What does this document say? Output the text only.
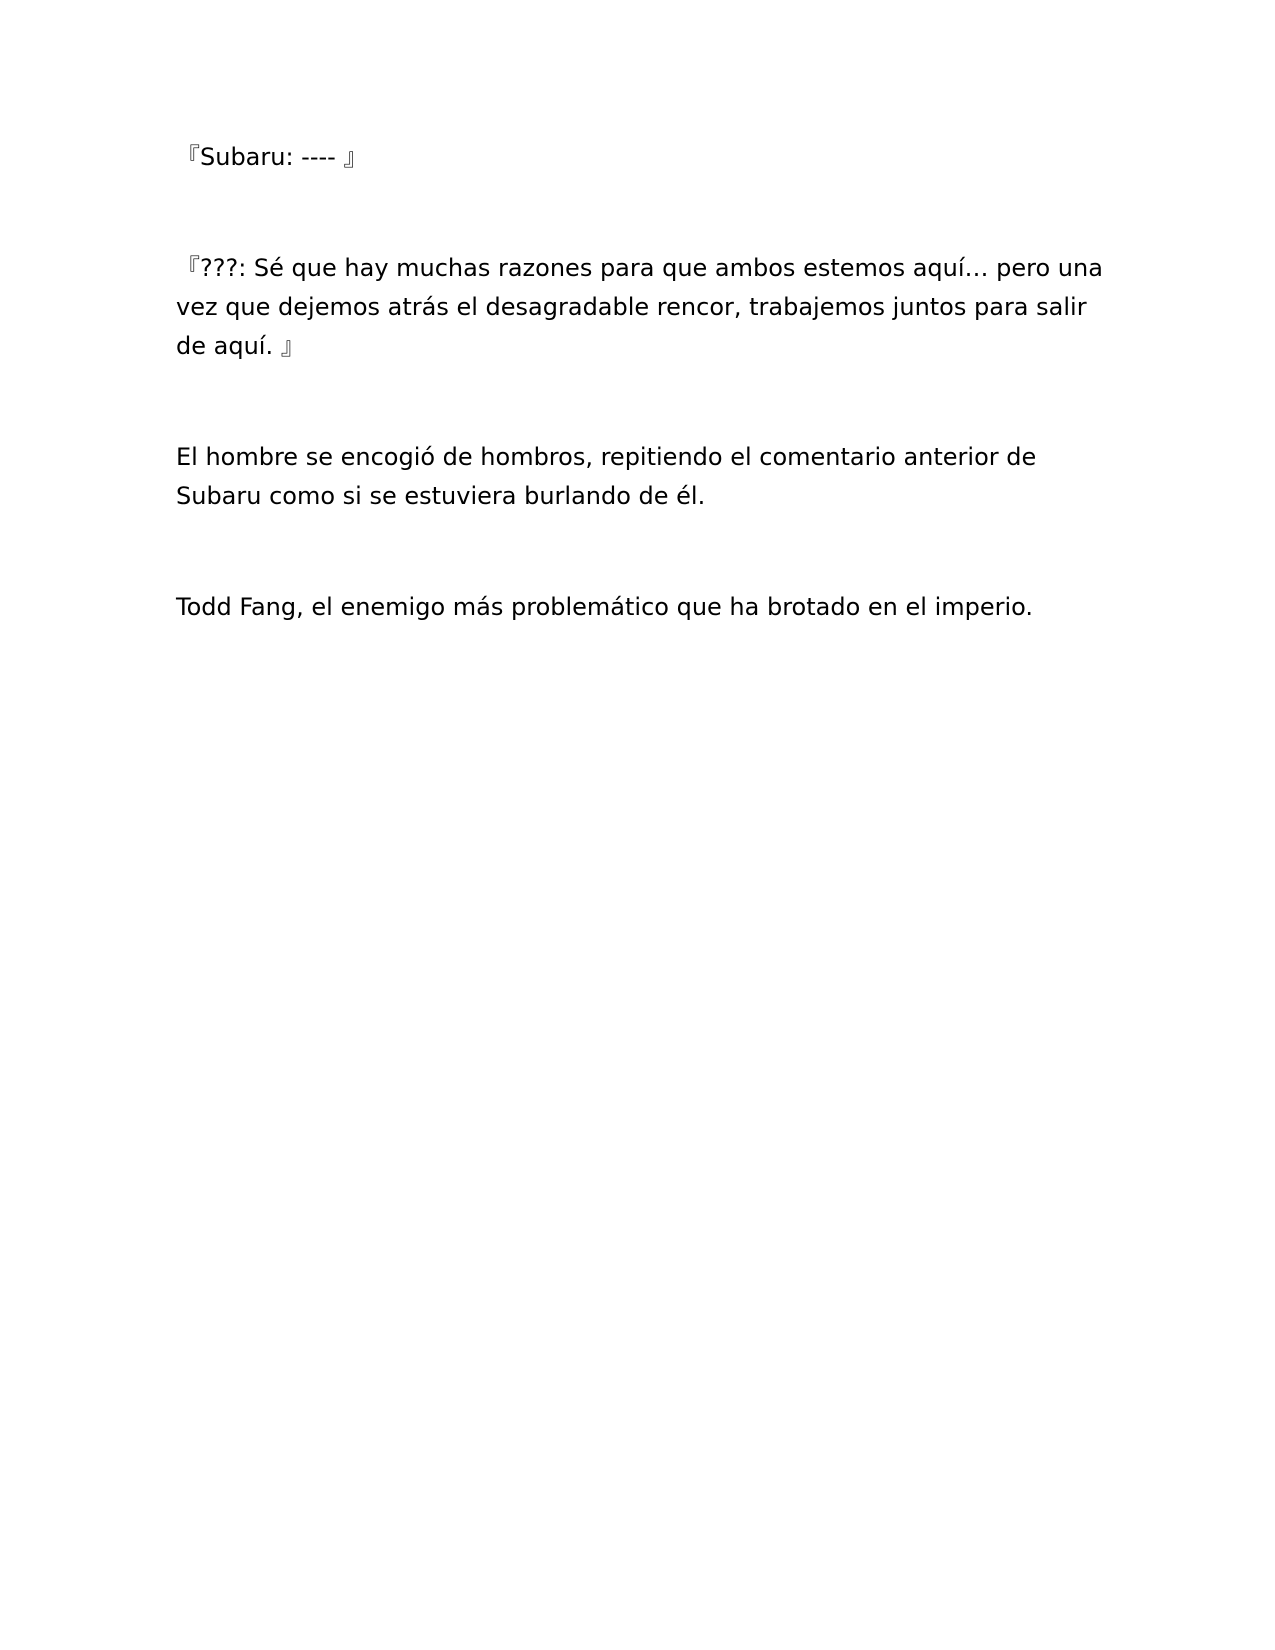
『Subaru: ---- 』

『???: Sé que hay muchas razones para que ambos estemos aquí… pero una vez que dejemos atrás el desagradable rencor, trabajemos juntos para salir de aquí. 』

El hombre se encogió de hombros, repitiendo el comentario anterior de Subaru como si se estuviera burlando de él.

Todd Fang, el enemigo más problemático que ha brotado en el imperio.
